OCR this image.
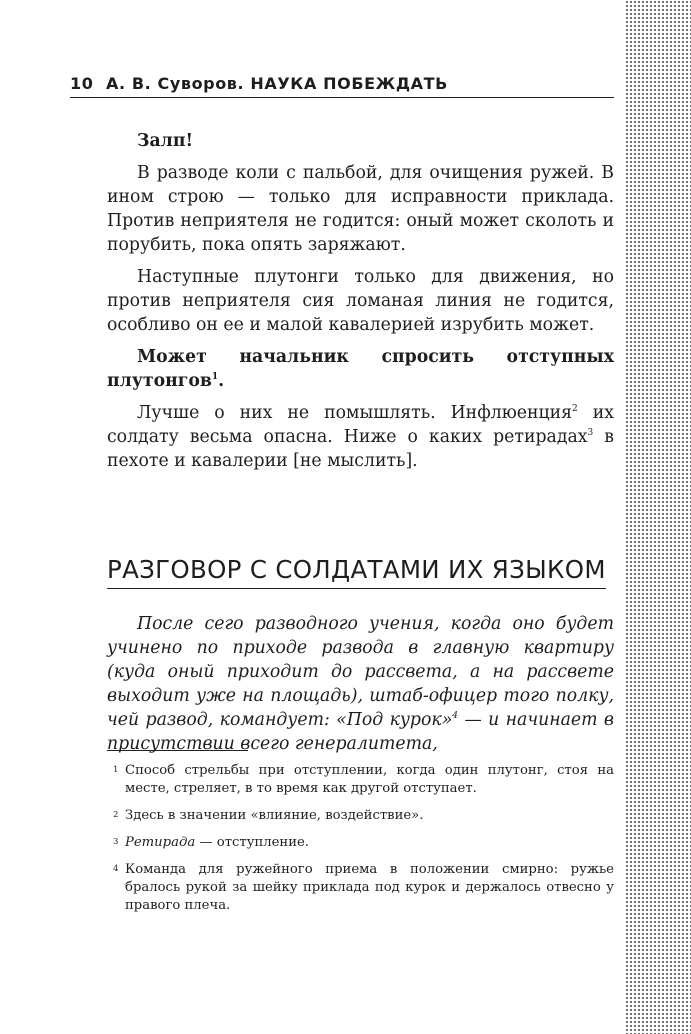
10 А. В. Суворов. НАУКА ПОБЕЖДАТЬ

Залп!

В разводе коли с пальбой, для очищения ружей. В ином строю — только для исправности приклада. Против неприятеля не годится: оный может сколоть и порубить, пока опять заряжают.

Наступные плутонги только для движения, но против неприятеля сия ломаная линия не годится, особливо он ее и малой кавалерией изрубить может.

Может начальник спросить отступных плутонгов$^1$.

Лучше о них не помышлять. Инфлюенция$^2$ их солдату весьма опасна. Ниже о каких ретирадах$^3$ в пехоте и кавалерии [не мыслить].

РАЗГОВОР С СОЛДАТАМИ ИХ ЯЗЫКОМ

После сего разводного учения, когда оно будет учинено по приходе развода в главную квартиру (куда оный приходит до рассвета, а на рассвете выходит уже на площадь), штаб-офицер того полку, чей развод, командует: «Под курок»$^4$ — и начинает в присутствии всего генералитета,

1 Способ стрельбы при отступлении, когда один плутонг, стоя на месте, стреляет, в то время как другой отступает.
2 Здесь в значении «влияние, воздействие».
3 Ретирада — отступление.
4 Команда для ружейного приема в положении смирно: ружье бралось рукой за шейку приклада под курок и держалось отвесно у правого плеча.
